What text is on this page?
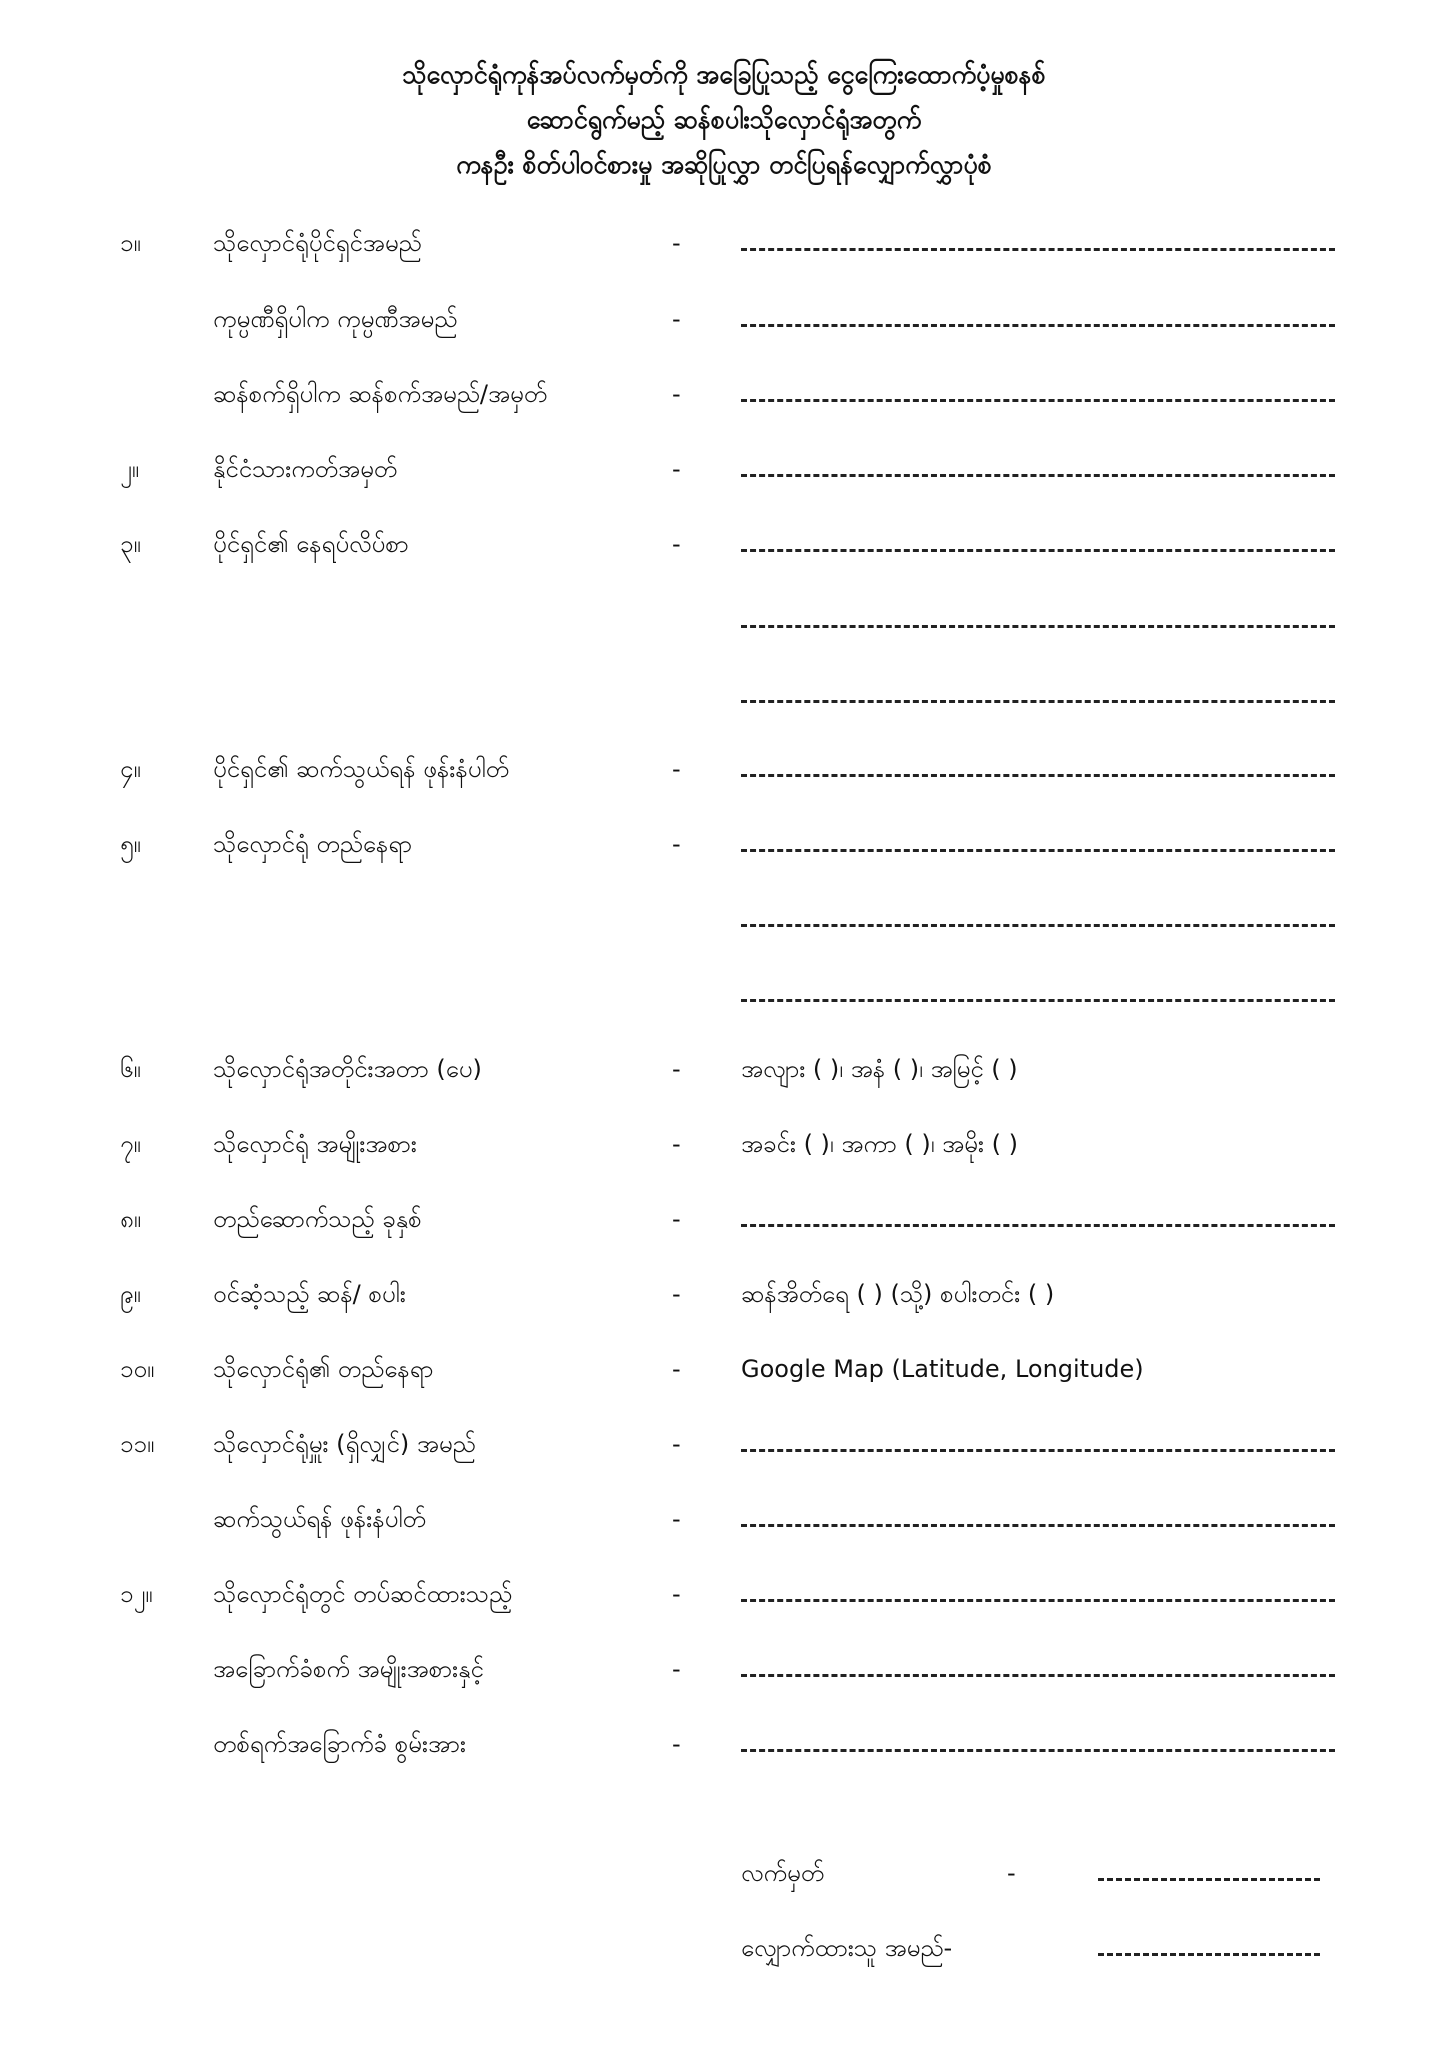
သိုလှောင်ရုံကုန်အပ်လက်မှတ်ကို အခြေပြုသည့် ငွေကြေးထောက်ပံ့မှုစနစ်
ဆောင်ရွက်မည့် ဆန်စပါးသိုလှောင်ရုံအတွက်
ကနဦး စိတ်ပါဝင်စားမှု အဆိုပြုလွှာ တင်ပြရန်လျှောက်လွှာပုံစံ
၁။	သိုလှောင်ရုံပိုင်ရှင်အမည်	-
ကုမ္ပဏီရှိပါက ကုမ္ပဏီအမည်	-
ဆန်စက်ရှိပါက ဆန်စက်အမည်/အမှတ်	-
၂။	နိုင်ငံသားကတ်အမှတ်	-
၃။	ပိုင်ရှင်၏ နေရပ်လိပ်စာ	-
၄။	ပိုင်ရှင်၏ ဆက်သွယ်ရန် ဖုန်းနံပါတ်	-
၅။	သိုလှောင်ရုံ တည်နေရာ	-
၆။	သိုလှောင်ရုံအတိုင်းအတာ (ပေ)	-	အလျား ( )၊ အနံ ( )၊ အမြင့် ( )
၇။	သိုလှောင်ရုံ အမျိုးအစား	-	အခင်း ( )၊ အကာ ( )၊ အမိုး ( )
၈။	တည်ဆောက်သည့် ခုနှစ်	-
၉။	ဝင်ဆံ့သည့် ဆန်/ စပါး	-	ဆန်အိတ်ရေ ( ) (သို့) စပါးတင်း ( )
၁၀။ သိုလှောင်ရုံ၏ တည်နေရာ	-	Google Map (Latitude, Longitude)
၁၁။ သိုလှောင်ရုံမှူး (ရှိလျှင်) အမည်	-
ဆက်သွယ်ရန် ဖုန်းနံပါတ်	-
၁၂။	သိုလှောင်ရုံတွင် တပ်ဆင်ထားသည့်	-
အခြောက်ခံစက် အမျိုးအစားနှင့်	-
တစ်ရက်အခြောက်ခံ စွမ်းအား	-
လက်မှတ်	-
လျှောက်ထားသူ အမည်-
